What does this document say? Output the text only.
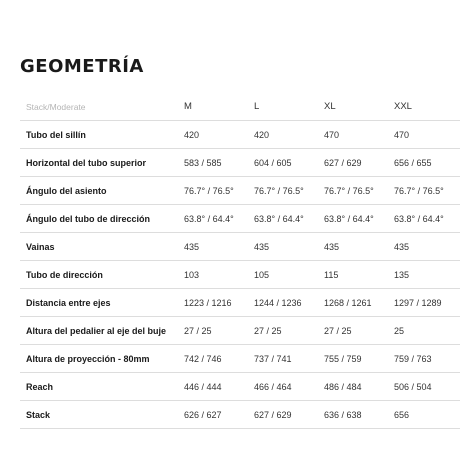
GEOMETRÍA
Stack/Moderate	M	L	XL	XXL
Tubo del sillín	420	420	470	470
Horizontal del tubo superior	583 / 585	604 / 605	627 / 629	656 / 655
Ángulo del asiento	76.7° / 76.5°	76.7° / 76.5°	76.7° / 76.5°	76.7° / 76.5°
Ángulo del tubo de dirección	63.8° / 64.4°	63.8° / 64.4°	63.8° / 64.4°	63.8° / 64.4°
Vainas	435	435	435	435
Tubo de dirección	103	105	115	135
Distancia entre ejes	1223 / 1216	1244 / 1236	1268 / 1261	1297 / 1289
Altura del pedalier al eje del buje	27 / 25	27 / 25	27 / 25	25
Altura de proyección - 80mm	742 / 746	737 / 741	755 / 759	759 / 763
Reach	446 / 444	466 / 464	486 / 484	506 / 504
Stack	626 / 627	627 / 629	636 / 638	656
